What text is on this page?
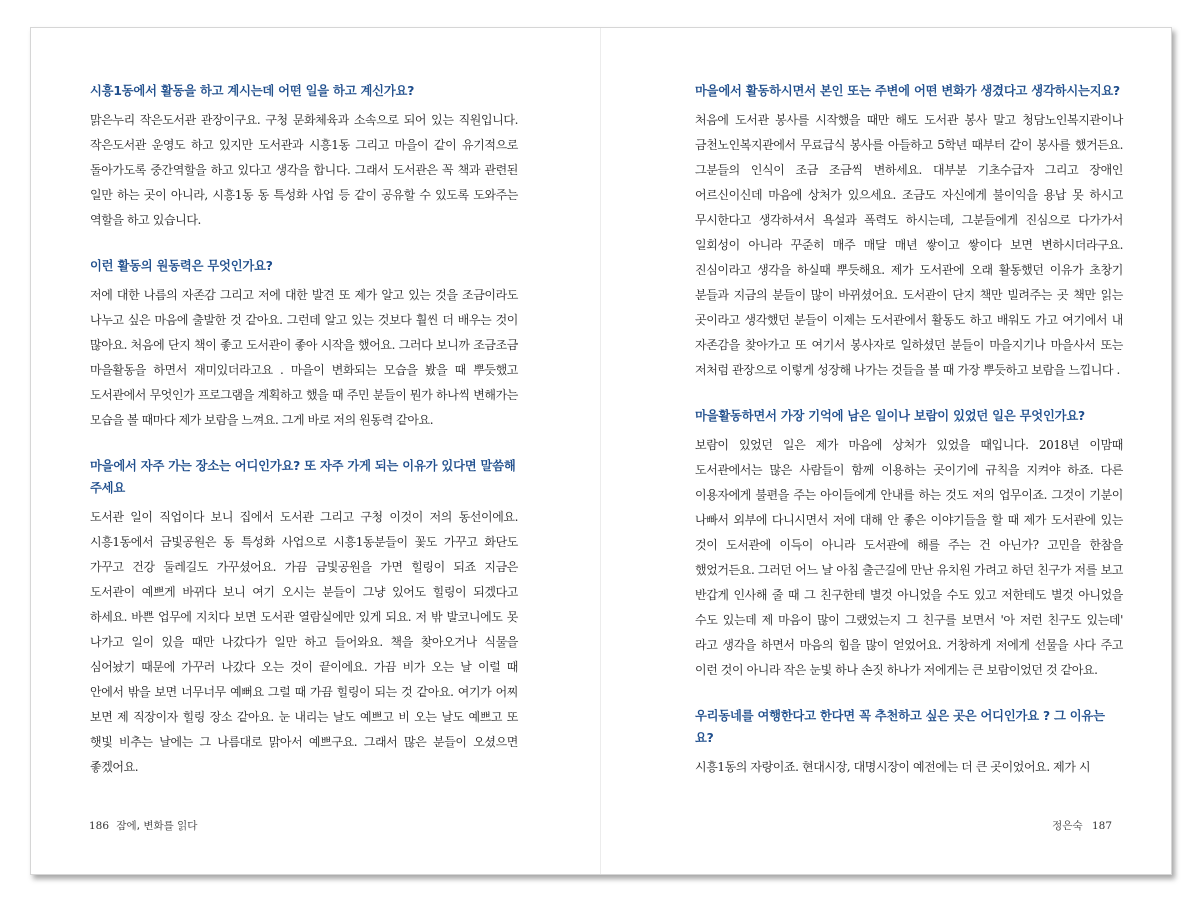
시흥1동에서 활동을 하고 계시는데 어떤 일을 하고 계신가요?

맑은누리 작은도서관 관장이구요. 구청 문화체육과 소속으로 되어 있는 직원입니다. 작은도서관 운영도 하고 있지만 도서관과 시흥1동 그리고 마을이 같이 유기적으로 돌아가도록 중간역할을 하고 있다고 생각을 합니다. 그래서 도서관은 꼭 책과 관련된 일만 하는 곳이 아니라, 시흥1동 동 특성화 사업 등 같이 공유할 수 있도록 도와주는 역할을 하고 있습니다.

이런 활동의 원동력은 무엇인가요?

저에 대한 나름의 자존감 그리고 저에 대한 발견 또 제가 알고 있는 것을 조금이라도 나누고 싶은 마음에 출발한 것 같아요. 그런데 알고 있는 것보다 훨씬 더 배우는 것이 많아요. 처음에 단지 책이 좋고 도서관이 좋아 시작을 했어요. 그러다 보니까 조금조금 마을활동을 하면서 재미있더라고요 . 마을이 변화되는 모습을 봤을 때 뿌듯했고 도서관에서 무엇인가 프로그램을 계획하고 했을 때 주민 분들이 뭔가 하나씩 변해가는 모습을 볼 때마다 제가 보람을 느껴요. 그게 바로 저의 원동력 같아요.

마을에서 자주 가는 장소는 어디인가요? 또 자주 가게 되는 이유가 있다면 말씀해 주세요

도서관 일이 직업이다 보니 집에서 도서관 그리고 구청 이것이 저의 동선이에요. 시흥1동에서 금빛공원은 동 특성화 사업으로 시흥1동분들이 꽃도 가꾸고 화단도 가꾸고 건강 둘레길도 가꾸셨어요. 가끔 금빛공원을 가면 힐링이 되죠 지금은 도서관이 예쁘게 바뀌다 보니 여기 오시는 분들이 그냥 있어도 힐링이 되겠다고 하세요. 바쁜 업무에 지치다 보면 도서관 열람실에만 있게 되요. 저 밖 발코니에도 못 나가고 일이 있을 때만 나갔다가 일만 하고 들어와요. 책을 찾아오거나 식물을 심어놨기 때문에 가꾸러 나갔다 오는 것이 끝이에요. 가끔 비가 오는 날 이럴 때 안에서 밖을 보면 너무너무 예뻐요 그럴 때 가끔 힐링이 되는 것 같아요. 여기가 어찌 보면 제 직장이자 힐링 장소 같아요. 눈 내리는 날도 예쁘고 비 오는 날도 예쁘고 또 햇빛 비추는 날에는 그 나름대로 맑아서 예쁘구요. 그래서 많은 분들이 오셨으면 좋겠어요.

186 잠에, 변화를 읽다

마을에서 활동하시면서 본인 또는 주변에 어떤 변화가 생겼다고 생각하시는지요?

처음에 도서관 봉사를 시작했을 때만 해도 도서관 봉사 말고 청담노인복지관이나 금천노인복지관에서 무료급식 봉사를 아들하고 5학년 때부터 같이 봉사를 했거든요. 그분들의 인식이 조금 조금씩 변하세요. 대부분 기초수급자 그리고 장애인 어르신이신데 마음에 상처가 있으세요. 조금도 자신에게 불이익을 용납 못 하시고 무시한다고 생각하셔서 욕설과 폭력도 하시는데, 그분들에게 진심으로 다가가서 일회성이 아니라 꾸준히 매주 매달 매년 쌓이고 쌓이다 보면 변하시더라구요. 진심이라고 생각을 하실때 뿌듯해요. 제가 도서관에 오래 활동했던 이유가 초창기 분들과 지금의 분들이 많이 바뀌셨어요. 도서관이 단지 책만 빌려주는 곳 책만 읽는 곳이라고 생각했던 분들이 이제는 도서관에서 활동도 하고 배워도 가고 여기에서 내 자존감을 찾아가고 또 여기서 봉사자로 일하셨던 분들이 마을지기나 마을사서 또는 저처럼 관장으로 이렇게 성장해 나가는 것들을 볼 때 가장 뿌듯하고 보람을 느낍니다 .

마을활동하면서 가장 기억에 남은 일이나 보람이 있었던 일은 무엇인가요?

보람이 있었던 일은 제가 마음에 상처가 있었을 때입니다. 2018년 이맘때 도서관에서는 많은 사람들이 함께 이용하는 곳이기에 규칙을 지켜야 하죠. 다른 이용자에게 불편을 주는 아이들에게 안내를 하는 것도 저의 업무이죠. 그것이 기분이 나빠서 외부에 다니시면서 저에 대해 안 좋은 이야기들을 할 때 제가 도서관에 있는 것이 도서관에 이득이 아니라 도서관에 해를 주는 건 아닌가? 고민을 한참을 했었거든요. 그러던 어느 날 아침 출근길에 만난 유치원 가려고 하던 친구가 저를 보고 반갑게 인사해 줄 때 그 친구한테 별것 아니었을 수도 있고 저한테도 별것 아니었을 수도 있는데 제 마음이 많이 그랬었는지 그 친구를 보면서 '아 저런 친구도 있는데' 라고 생각을 하면서 마음의 힘을 많이 얻었어요. 거창하게 저에게 선물을 사다 주고 이런 것이 아니라 작은 눈빛 하나 손짓 하나가 저에게는 큰 보람이었던 것 같아요.

우리동네를 여행한다고 한다면 꼭 추천하고 싶은 곳은 어디인가요 ? 그 이유는요?

시흥1동의 자랑이죠. 현대시장, 대명시장이 예전에는 더 큰 곳이었어요. 제가 시

정은숙 187
